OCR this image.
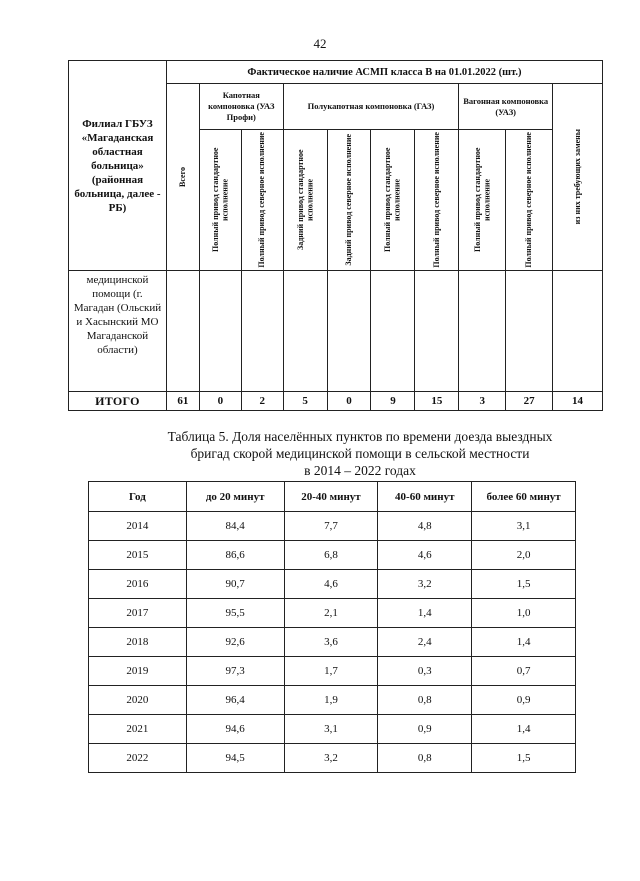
42
Филиал ГБУЗ «Магаданская областная больница» (районная больница, далее - РБ)	Фактическое наличие АСМП класса В на 01.01.2022 (шт.)									

	Всего	Капотная компоновка (УАЗ Профи)		Полукапотная компоновка (ГАЗ)				Вагонная компоновка (УАЗ)		из них требующих замены

		Полный привод стандартное исполнение	Полный привод северное исполнение	Задний привод стандартное исполнение	Задний привод северное исполнение	Полный привод стандартное исполнение	Полный привод северное исполнение	Полный привод стандартное исполнение	Полный привод северное исполнение	

медицинской помощи (г. Магадан (Ольский и Хасынский МО Магаданской области)										
ИТОГО	61	0	2	5	0	9	15	3	27	14
Таблица 5. Доля населённых пунктов по времени доезда выездных
бригад скорой медицинской помощи в сельской местности
в 2014 – 2022 годах
Год	до 20 минут	20-40 минут	40-60 минут	более 60 минут
2014	84,4	7,7	4,8	3,1
2015	86,6	6,8	4,6	2,0
2016	90,7	4,6	3,2	1,5
2017	95,5	2,1	1,4	1,0
2018	92,6	3,6	2,4	1,4
2019	97,3	1,7	0,3	0,7
2020	96,4	1,9	0,8	0,9
2021	94,6	3,1	0,9	1,4
2022	94,5	3,2	0,8	1,5
